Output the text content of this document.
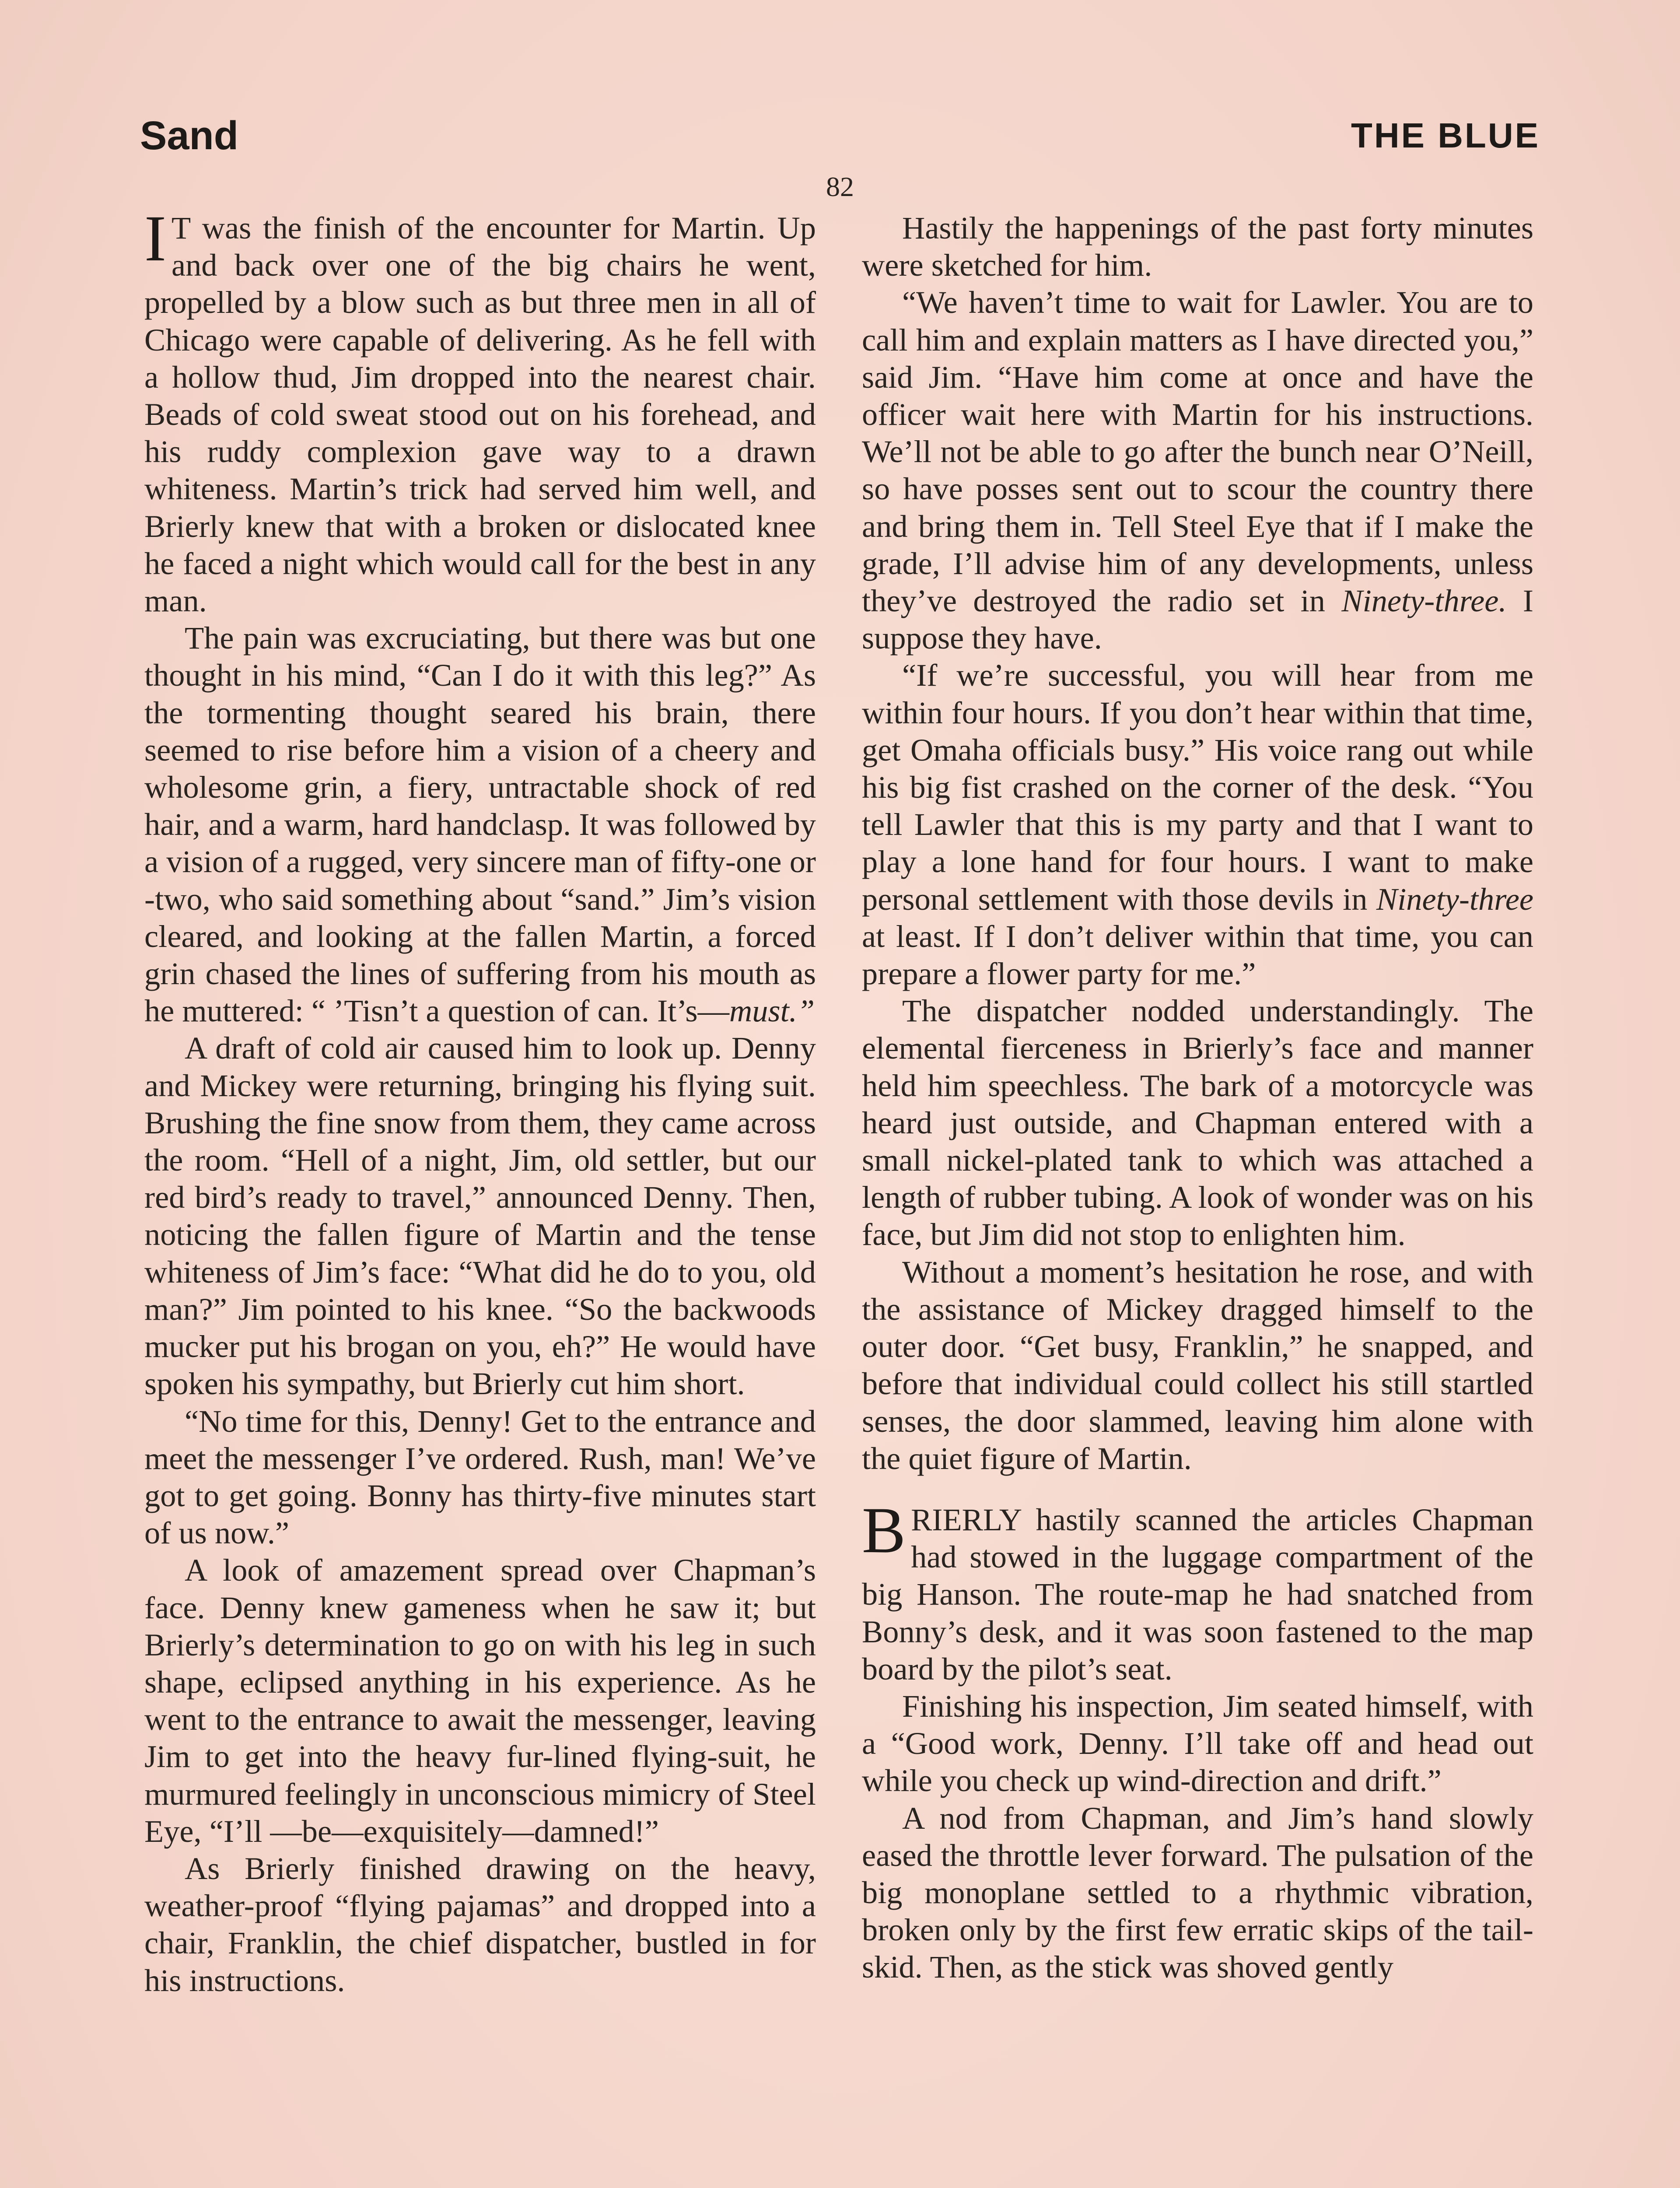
Sand	THE BLUE
82

I T was the finish of the encounter for Martin. Up and back over one of the big chairs he went, propelled by a blow such as but three men in all of Chicago were capable of delivering. As he fell with a hollow thud, Jim dropped into the nearest chair. Beads of cold sweat stood out on his forehead, and his ruddy complexion gave way to a drawn whiteness. Martin’s trick had served him well, and Brierly knew that with a broken or dislocated knee he faced a night which would call for the best in any man.

The pain was excruciating, but there was but one thought in his mind, “Can I do it with this leg?” As the tormenting thought seared his brain, there seemed to rise before him a vision of a cheery and wholesome grin, a fiery, untractable shock of red hair, and a warm, hard handclasp. It was followed by a vision of a rugged, very sincere man of fifty-one or -two, who said something about “sand.” Jim’s vision cleared, and looking at the fallen Martin, a forced grin chased the lines of suffering from his mouth as he muttered: “ ’Tisn’t a question of can. It’s—must.”

A draft of cold air caused him to look up. Denny and Mickey were returning, bringing his flying suit. Brushing the fine snow from them, they came across the room. “Hell of a night, Jim, old settler, but our red bird’s ready to travel,” announced Denny. Then, noticing the fallen figure of Martin and the tense whiteness of Jim’s face: “What did he do to you, old man?” Jim pointed to his knee. “So the backwoods mucker put his brogan on you, eh?” He would have spoken his sympathy, but Brierly cut him short.

“No time for this, Denny! Get to the entrance and meet the messenger I’ve ordered. Rush, man! We’ve got to get going. Bonny has thirty-five minutes start of us now.”

A look of amazement spread over Chapman’s face. Denny knew gameness when he saw it; but Brierly’s determination to go on with his leg in such shape, eclipsed anything in his experience. As he went to the entrance to await the messenger, leaving Jim to get into the heavy fur-lined flying-suit, he murmured feelingly in unconscious mimicry of Steel Eye, “I’ll —be—exquisitely—damned!”

As Brierly finished drawing on the heavy, weather-proof “flying pajamas” and dropped into a chair, Franklin, the chief dispatcher, bustled in for his instructions.

Hastily the happenings of the past forty minutes were sketched for him.

“We haven’t time to wait for Lawler. You are to call him and explain matters as I have directed you,” said Jim. “Have him come at once and have the officer wait here with Martin for his instructions. We’ll not be able to go after the bunch near O’Neill, so have posses sent out to scour the country there and bring them in. Tell Steel Eye that if I make the grade, I’ll advise him of any developments, unless they’ve destroyed the radio set in Ninety-three. I suppose they have.

“If we’re successful, you will hear from me within four hours. If you don’t hear within that time, get Omaha officials busy.” His voice rang out while his big fist crashed on the corner of the desk. “You tell Lawler that this is my party and that I want to play a lone hand for four hours. I want to make personal settlement with those devils in Ninety-three at least. If I don’t deliver within that time, you can prepare a flower party for me.”

The dispatcher nodded understandingly. The elemental fierceness in Brierly’s face and manner held him speechless. The bark of a motorcycle was heard just outside, and Chapman entered with a small nickel-plated tank to which was attached a length of rubber tubing. A look of wonder was on his face, but Jim did not stop to enlighten him.

Without a moment’s hesitation he rose, and with the assistance of Mickey dragged himself to the outer door. “Get busy, Franklin,” he snapped, and before that individual could collect his still startled senses, the door slammed, leaving him alone with the quiet figure of Martin.

BRIERLY hastily scanned the articles Chapman had stowed in the luggage compartment of the big Hanson. The route-map he had snatched from Bonny’s desk, and it was soon fastened to the map board by the pilot’s seat.

Finishing his inspection, Jim seated himself, with a “Good work, Denny. I’ll take off and head out while you check up wind-direction and drift.”

A nod from Chapman, and Jim’s hand slowly eased the throttle lever forward. The pulsation of the big monoplane settled to a rhythmic vibration, broken only by the first few erratic skips of the tail-skid. Then, as the stick was shoved gently
